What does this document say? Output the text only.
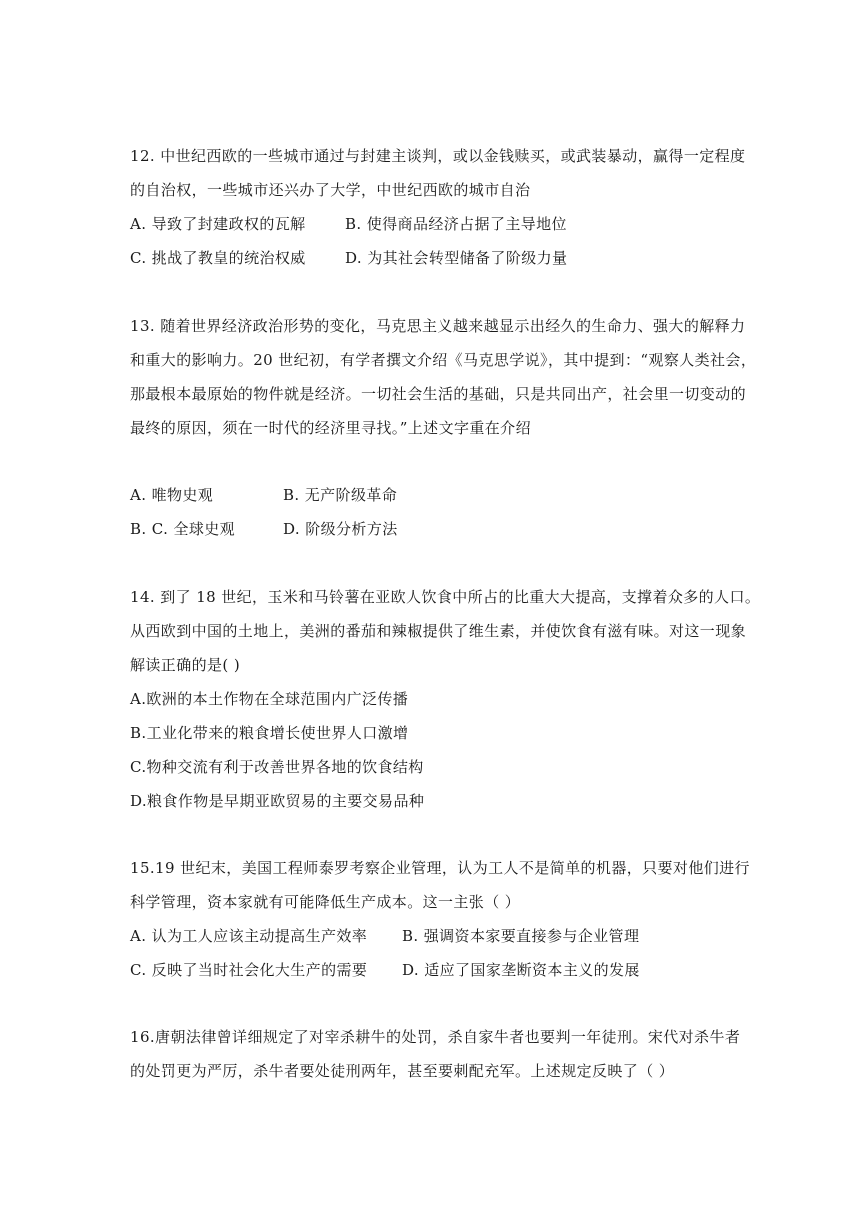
12. 中世纪西欧的一些城市通过与封建主谈判，或以金钱赎买，或武装暴动，赢得一定程度
的自治权，一些城市还兴办了大学，中世纪西欧的城市自治
A. 导致了封建政权的瓦解	B. 使得商品经济占据了主导地位
C. 挑战了教皇的统治权威	D. 为其社会转型储备了阶级力量
13. 随着世界经济政治形势的变化，马克思主义越来越显示出经久的生命力、强大的解释力
和重大的影响力。20 世纪初，有学者撰文介绍《马克思学说》，其中提到：“观察人类社会，
那最根本最原始的物件就是经济。一切社会生活的基础，只是共同出产，社会里一切变动的
最终的原因，须在一时代的经济里寻找。”上述文字重在介绍
A. 唯物史观	B. 无产阶级革命
B. C. 全球史观	D. 阶级分析方法
14. 到了 18 世纪，玉米和马铃薯在亚欧人饮食中所占的比重大大提高，支撑着众多的人口。
从西欧到中国的土地上，美洲的番茄和辣椒提供了维生素，并使饮食有滋有味。对这一现象
解读正确的是( )
A.欧洲的本土作物在全球范围内广泛传播
B.工业化带来的粮食增长使世界人口激增
C.物种交流有利于改善世界各地的饮食结构
D.粮食作物是早期亚欧贸易的主要交易品种
15.19 世纪末，美国工程师泰罗考察企业管理，认为工人不是简单的机器，只要对他们进行
科学管理，资本家就有可能降低生产成本。这一主张（ ）
A. 认为工人应该主动提高生产效率 B. 强调资本家要直接参与企业管理
C. 反映了当时社会化大生产的需要 D. 适应了国家垄断资本主义的发展
16.唐朝法律曾详细规定了对宰杀耕牛的处罚，杀自家牛者也要判一年徒刑。宋代对杀牛者
的处罚更为严厉，杀牛者要处徒刑两年，甚至要刺配充军。上述规定反映了（ ）
